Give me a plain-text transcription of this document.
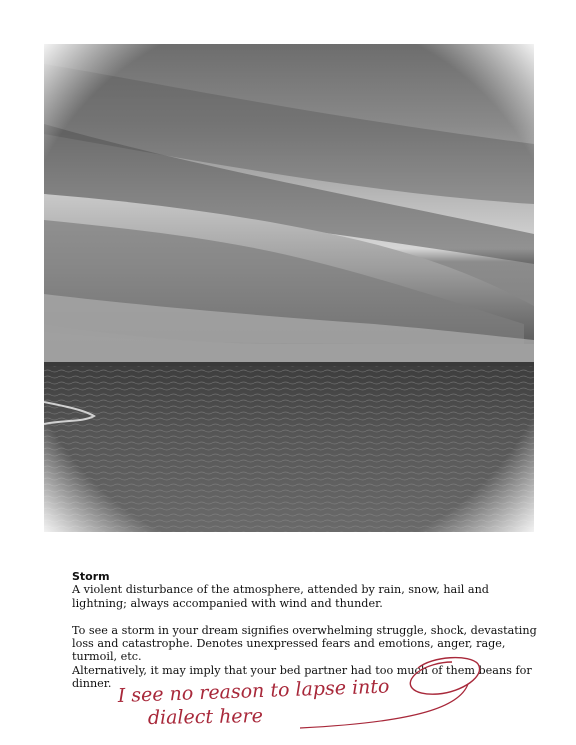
Storm

A violent disturbance of the atmosphere, attended by rain, snow, hail and

lightning; always accompanied with wind and thunder.

To see a storm in your dream signifies overwhelming struggle, shock, devastating

loss and catastrophe. Denotes unexpressed fears and emotions, anger, rage,

turmoil, etc.

Alternatively, it may imply that your bed partner had too much of them beans for

dinner. I see no reason to lapse into
dialect here
